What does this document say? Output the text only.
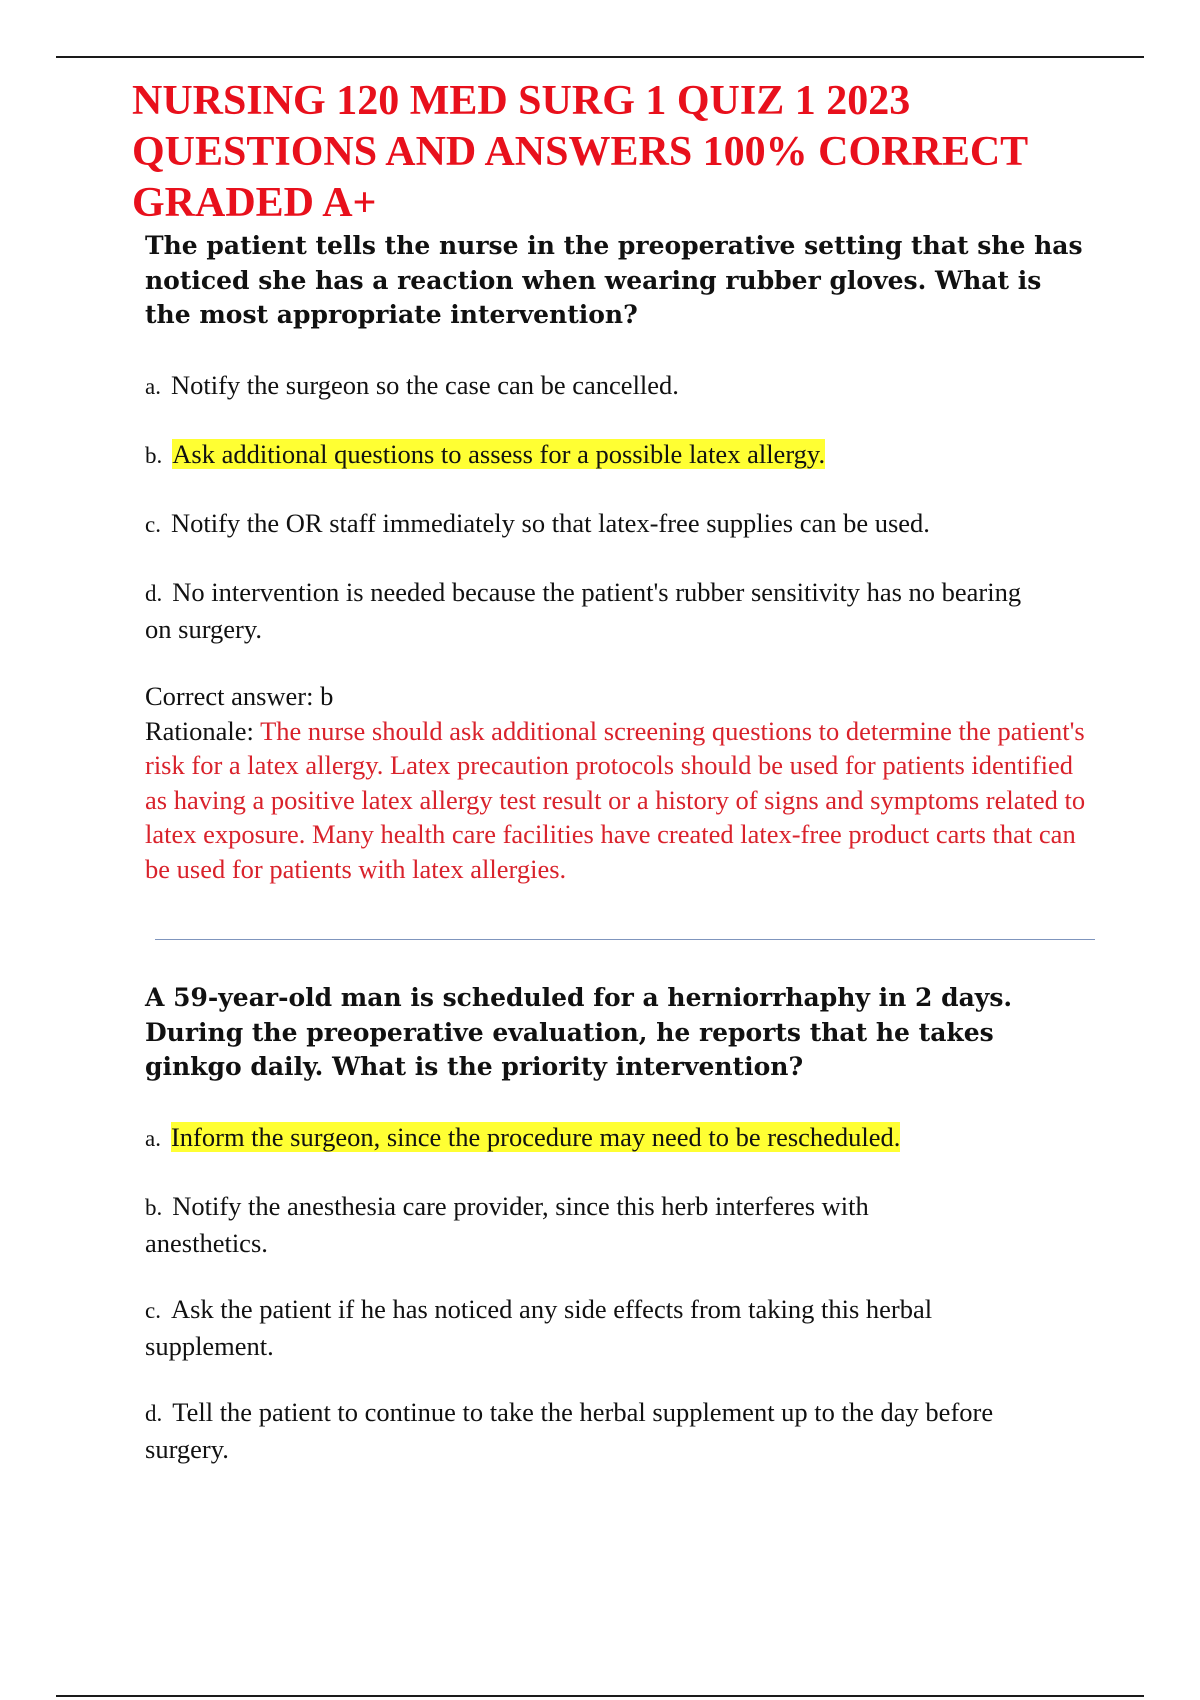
NURSING 120 MED SURG 1 QUIZ 1 2023 QUESTIONS AND ANSWERS 100% CORRECT GRADED A+

The patient tells the nurse in the preoperative setting that she has noticed she has a reaction when wearing rubber gloves. What is the most appropriate intervention?

a. Notify the surgeon so the case can be cancelled.

b. Ask additional questions to assess for a possible latex allergy.

c. Notify the OR staff immediately so that latex-free supplies can be used.

d. No intervention is needed because the patient's rubber sensitivity has no bearing on surgery.

Correct answer: b

Rationale: The nurse should ask additional screening questions to determine the patient's risk for a latex allergy. Latex precaution protocols should be used for patients identified as having a positive latex allergy test result or a history of signs and symptoms related to latex exposure. Many health care facilities have created latex-free product carts that can be used for patients with latex allergies.

A 59-year-old man is scheduled for a herniorrhaphy in 2 days. During the preoperative evaluation, he reports that he takes ginkgo daily. What is the priority intervention?

a. Inform the surgeon, since the procedure may need to be rescheduled.

b. Notify the anesthesia care provider, since this herb interferes with anesthetics.

c. Ask the patient if he has noticed any side effects from taking this herbal supplement.

d. Tell the patient to continue to take the herbal supplement up to the day before surgery.
